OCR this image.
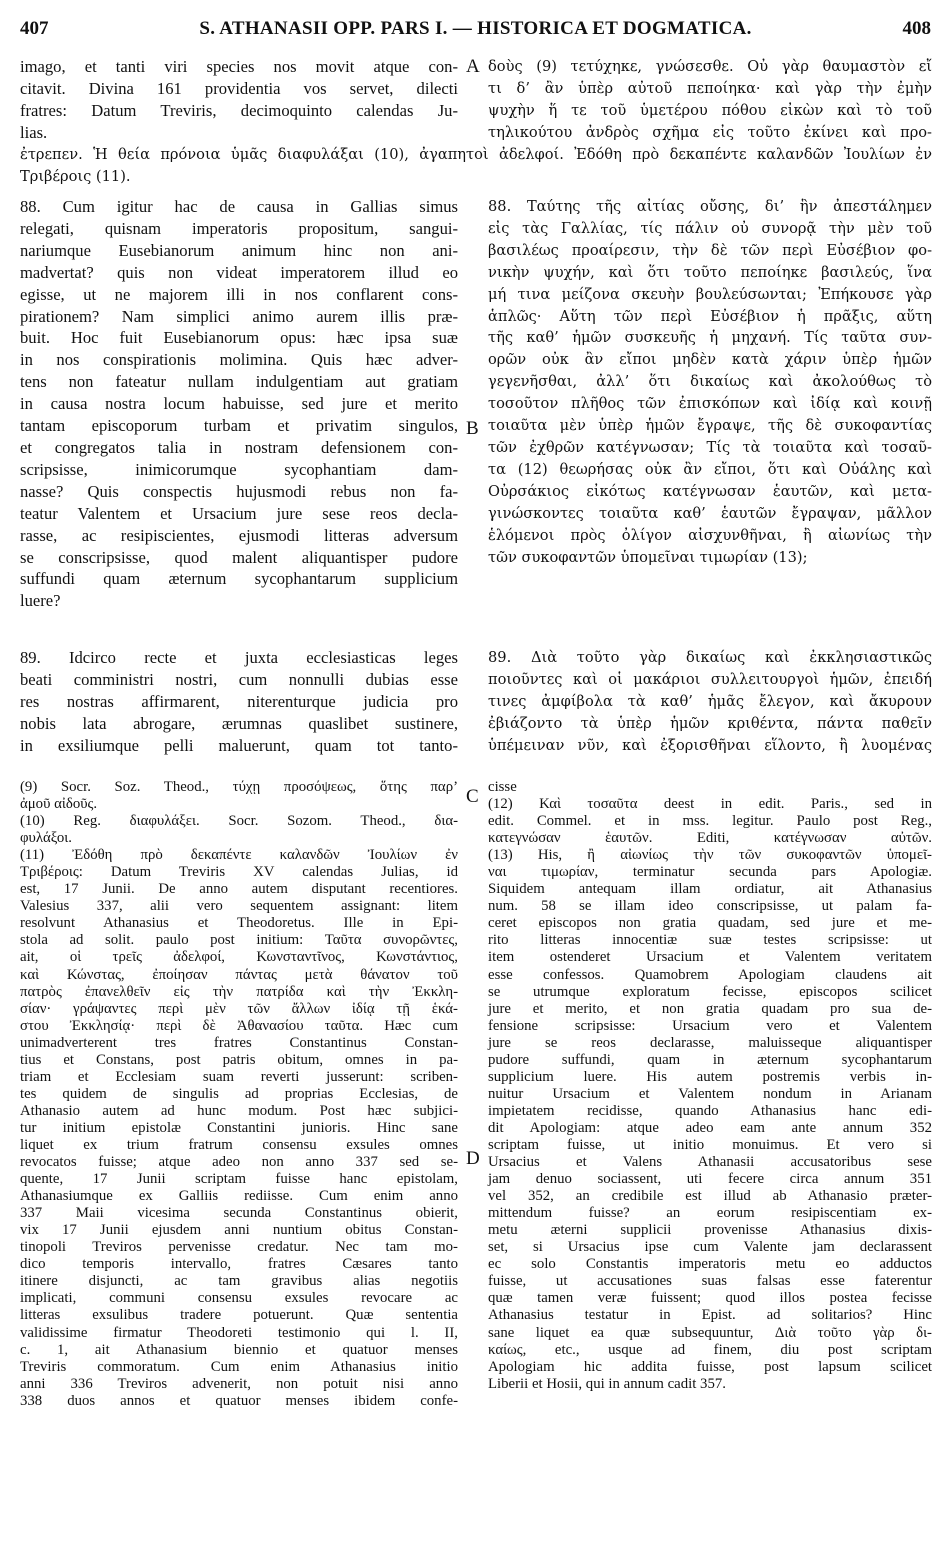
407	S. ATHANASII OPP. PARS I. — HISTORICA ET DOGMATICA.	408
imago, et tanti viri species nos movit atque con-
citavit. Divina 161 providentia vos servet, dilecti
fratres: Datum Treviris, decimoquinto calendas Ju-
lias.
ἐτρεπεν. Ἡ θεία πρόνοια ὑμᾶς διαφυλάξαι (10), ἀγαπητοὶ ἀδελφοί. Ἐδόθη πρὸ δεκαπέντε καλανδῶν Ἰουλίων ἐν
Τριβέροις (11).
88. Cum igitur hac de causa in Gallias simus
relegati, quisnam imperatoris propositum, sangui-
nariumque Eusebianorum animum hinc non ani-
madvertat? quis non videat imperatorem illud eo
egisse, ut ne majorem illi in nos conflarent cons-
pirationem? Nam simplici animo aurem illis præ-
buit. Hoc fuit Eusebianorum opus: hæc ipsa suæ
in nos conspirationis molimina. Quis hæc adver-
tens non fateatur nullam indulgentiam aut gratiam
in causa nostra locum habuisse, sed jure et merito
tantam episcoporum turbam et privatim singulos,
et congregatos talia in nostram defensionem con-
scripsisse, inimicorumque sycophantiam dam-
nasse? Quis conspectis hujusmodi rebus non fa-
teatur Valentem et Ursacium jure sese reos decla-
rasse, ac resipiscientes, ejusmodi litteras adversum
se conscripsisse, quod malent aliquantisper pudore
suffundi quam æternum sycophantarum supplicium
luere?
89. Idcirco recte et juxta ecclesiasticas leges
beati comministri nostri, cum nonnulli dubias esse
res nostras affirmarent, niterenturque judicia pro
nobis lata abrogare, ærumnas quaslibet sustinere,
in exsiliumque pelli maluerunt, quam tot tanto-
δοὺς (9) τετύχηκε, γνώσεσθε. Οὐ γὰρ θαυμαστὸν εἴ
τι δ’ ἂν ὑπὲρ αὐτοῦ πεποίηκα· καὶ γὰρ τὴν ἐμὴν
ψυχὴν ἥ τε τοῦ ὑμετέρου πόθου εἰκὼν καὶ τὸ τοῦ
τηλικούτου ἀνδρὸς σχῆμα εἰς τοῦτο ἐκίνει καὶ προ-
88. Ταύτης τῆς αἰτίας οὔσης, δι’ ἣν ἀπεστάλημεν
εἰς τὰς Γαλλίας, τίς πάλιν οὐ συνορᾷ τὴν μὲν τοῦ
βασιλέως προαίρεσιν, τὴν δὲ τῶν περὶ Εὐσέβιον φο-
νικὴν ψυχήν, καὶ ὅτι τοῦτο πεποίηκε βασιλεύς, ἵνα
μή τινα μείζονα σκευὴν βουλεύσωνται; Ἐπήκουσε γὰρ
ἁπλῶς· Αὕτη τῶν περὶ Εὐσέβιον ἡ πρᾶξις, αὕτη
τῆς καθ’ ἡμῶν συσκευῆς ἡ μηχανή. Τίς ταῦτα συν-
ορῶν οὐκ ἂν εἴποι μηδὲν κατὰ χάριν ὑπὲρ ἡμῶν
γεγενῆσθαι, ἀλλ’ ὅτι δικαίως καὶ ἀκολούθως τὸ
τοσοῦτον πλῆθος τῶν ἐπισκόπων καὶ ἰδίᾳ καὶ κοινῇ
τοιαῦτα μὲν ὑπὲρ ἡμῶν ἔγραψε, τῆς δὲ συκοφαντίας
τῶν ἐχθρῶν κατέγνωσαν; Τίς τὰ τοιαῦτα καὶ τοσαῦ-
τα (12) θεωρήσας οὐκ ἂν εἴποι, ὅτι καὶ Οὐάλης καὶ
Οὐρσάκιος εἰκότως κατέγνωσαν ἑαυτῶν, καὶ μετα-
γινώσκοντες τοιαῦτα καθ’ ἑαυτῶν ἔγραψαν, μᾶλλον
ἑλόμενοι πρὸς ὀλίγον αἰσχυνθῆναι, ἢ αἰωνίως τὴν
τῶν συκοφαντῶν ὑπομεῖναι τιμωρίαν (13);
89. Διὰ τοῦτο γὰρ δικαίως καὶ ἐκκλησιαστικῶς
ποιοῦντες καὶ οἱ μακάριοι συλλειτουργοὶ ἡμῶν, ἐπειδή
τινες ἀμφίβολα τὰ καθ’ ἡμᾶς ἔλεγον, καὶ ἄκυρουν
ἐβιάζοντο τὰ ὑπὲρ ἡμῶν κριθέντα, πάντα παθεῖν
ὑπέμειναν νῦν, καὶ ἐξορισθῆναι εἵλοντο, ἢ λυομένας
A
B
C
D
(9) Socr. Soz. Theod., τύχῃ προσόψεως, ὅτης παρ’
ἀμοῦ αἰδοῦς.
(10) Reg. διαφυλάξει. Socr. Sozom. Theod., δια-
φυλάξοι.
(11) Ἐδόθη πρὸ δεκαπέντε καλανδῶν Ἰουλίων ἐν
Τριβέροις: Datum Treviris XV calendas Julias, id
est, 17 Junii. De anno autem disputant recentiores.
Valesius 337, alii vero sequentem assignant: litem
resolvunt Athanasius et Theodoretus. Ille in Epi-
stola ad solit. paulo post initium: Ταῦτα συνορῶντες,
ait, οἱ τρεῖς ἀδελφοί, Κωνσταντῖνος, Κωνστάντιος,
καὶ Κώνστας, ἐποίησαν πάντας μετὰ θάνατον τοῦ
πατρὸς ἐπανελθεῖν εἰς τὴν πατρίδα καὶ τὴν Ἐκκλη-
σίαν· γράψαντες περὶ μὲν τῶν ἄλλων ἰδίᾳ τῇ ἑκά-
στου Ἐκκλησίᾳ· περὶ δὲ Ἀθανασίου ταῦτα. Hæc cum
unimadverterent tres fratres Constantinus Constan-
tius et Constans, post patris obitum, omnes in pa-
triam et Ecclesiam suam reverti jusserunt: scriben-
tes quidem de singulis ad proprias Ecclesias, de
Athanasio autem ad hunc modum. Post hæc subjici-
tur initium epistolæ Constantini junioris. Hinc sane
liquet ex trium fratrum consensu exsules omnes
revocatos fuisse; atque adeo non anno 337 sed se-
quente, 17 Junii scriptam fuisse hanc epistolam,
Athanasiumque ex Galliis rediisse. Cum enim anno
337 Maii vicesima secunda Constantinus obierit,
vix 17 Junii ejusdem anni nuntium obitus Constan-
tinopoli Treviros pervenisse credatur. Nec tam mo-
dico temporis intervallo, fratres Cæsares tanto
itinere disjuncti, ac tam gravibus alias negotiis
implicati, communi consensu exsules revocare ac
litteras exsulibus tradere potuerunt. Quæ sententia
validissime firmatur Theodoreti testimonio qui l. II,
c. 1, ait Athanasium biennio et quatuor menses
Treviris commoratum. Cum enim Athanasius initio
anni 336 Treviros advenerit, non potuit nisi anno
338 duos annos et quatuor menses ibidem confe-
cisse
(12) Καὶ τοσαῦτα deest in edit. Paris., sed in
edit. Commel. et in mss. legitur. Paulo post Reg.,
κατεγνώσαν ἑαυτῶν. Editi, κατέγνωσαν αὐτῶν.
(13) His, ἢ αἰωνίως τὴν τῶν συκοφαντῶν ὑπομεῖ-
ναι τιμωρίαν, terminatur secunda pars Apologiæ.
Siquidem antequam illam ordiatur, ait Athanasius
num. 58 se illam ideo conscripsisse, ut palam fa-
ceret episcopos non gratia quadam, sed jure et me-
rito litteras innocentiæ suæ testes scripsisse: ut
item ostenderet Ursacium et Valentem veritatem
esse confessos. Quamobrem Apologiam claudens ait
se utrumque exploratum fecisse, episcopos scilicet
jure et merito, et non gratia quadam pro sua de-
fensione scripsisse: Ursacium vero et Valentem
jure se reos declarasse, maluisseque aliquantisper
pudore suffundi, quam in æternum sycophantarum
supplicium luere. His autem postremis verbis in-
nuitur Ursacium et Valentem nondum in Arianam
impietatem recidisse, quando Athanasius hanc edi-
dit Apologiam: atque adeo eam ante annum 352
scriptam fuisse, ut initio monuimus. Et vero si
Ursacius et Valens Athanasii accusatoribus sese
jam denuo sociassent, uti fecere circa annum 351
vel 352, an credibile est illud ab Athanasio præter-
mittendum fuisse? an eorum resipiscentiam ex-
metu æterni supplicii provenisse Athanasius dixis-
set, si Ursacius ipse cum Valente jam declarassent
ec solo Constantis imperatoris metu eo adductos
fuisse, ut accusationes suas falsas esse faterentur
quæ tamen veræ fuissent; quod illos postea fecisse
Athanasius testatur in Epist. ad solitarios? Hinc
sane liquet ea quæ subsequuntur, Διὰ τοῦτο γὰρ δι-
καίως, etc., usque ad finem, diu post scriptam
Apologiam hic addita fuisse, post lapsum scilicet
Liberii et Hosii, qui in annum cadit 357.
